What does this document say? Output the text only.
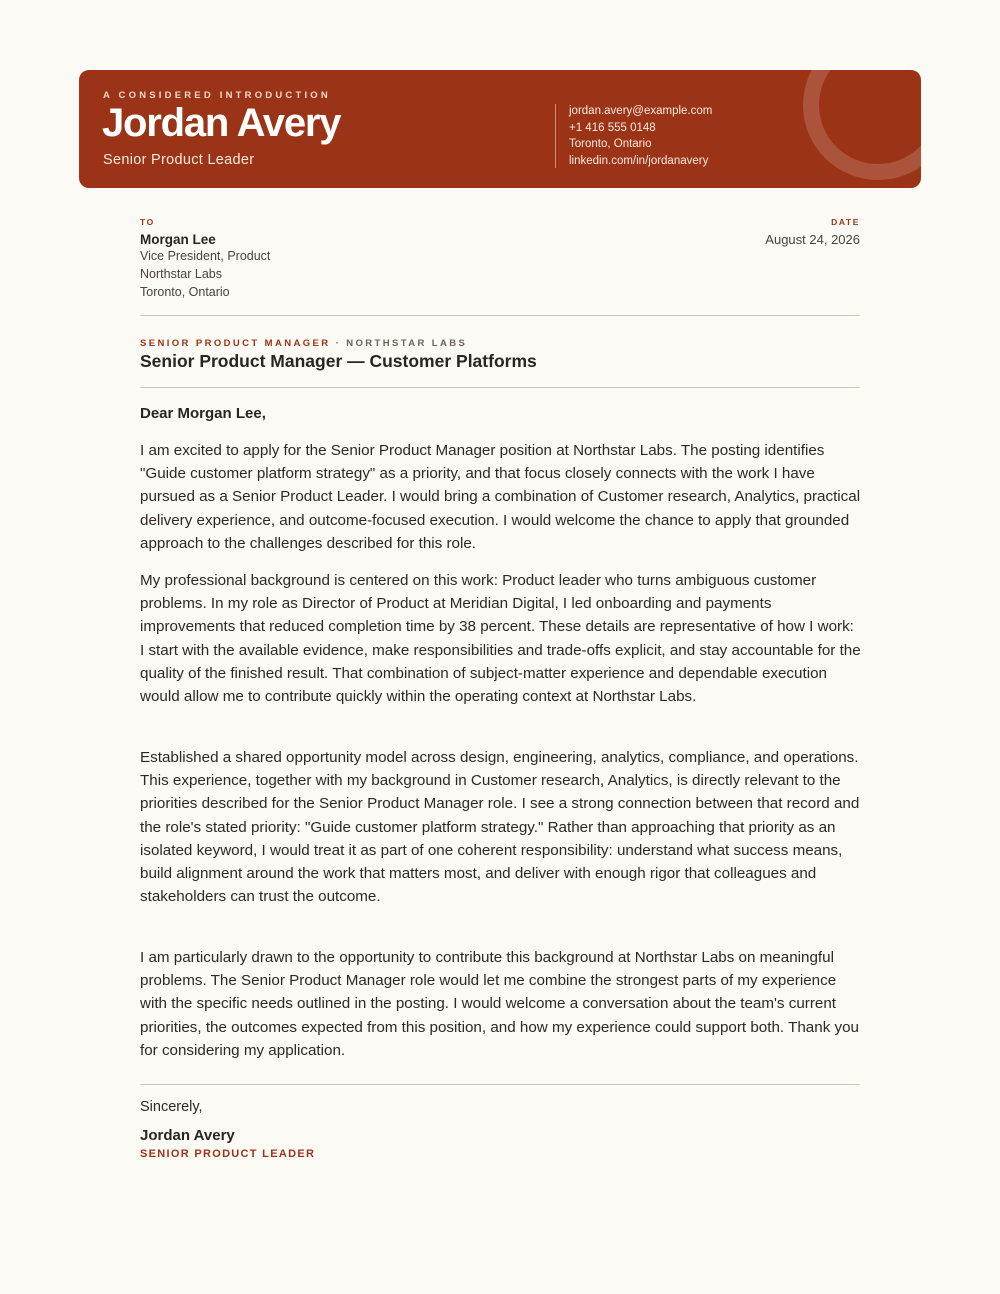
A CONSIDERED INTRODUCTION
Jordan Avery
Senior Product Leader
jordan.avery@example.com
+1 416 555 0148
Toronto, Ontario
linkedin.com/in/jordanavery
TO
Morgan Lee
Vice President, Product
Northstar Labs
Toronto, Ontario
DATE
August 24, 2026
SENIOR PRODUCT MANAGER · NORTHSTAR LABS
Senior Product Manager — Customer Platforms
Dear Morgan Lee,

I am excited to apply for the Senior Product Manager position at Northstar Labs. The posting identifies "Guide customer platform strategy" as a priority, and that focus closely connects with the work I have pursued as a Senior Product Leader. I would bring a combination of Customer research, Analytics, practical delivery experience, and outcome-focused execution. I would welcome the chance to apply that grounded approach to the challenges described for this role.

My professional background is centered on this work: Product leader who turns ambiguous customer problems. In my role as Director of Product at Meridian Digital, I led onboarding and payments improvements that reduced completion time by 38 percent. These details are representative of how I work: I start with the available evidence, make responsibilities and trade-offs explicit, and stay accountable for the quality of the finished result. That combination of subject-matter experience and dependable execution would allow me to contribute quickly within the operating context at Northstar Labs.

Established a shared opportunity model across design, engineering, analytics, compliance, and operations. This experience, together with my background in Customer research, Analytics, is directly relevant to the priorities described for the Senior Product Manager role. I see a strong connection between that record and the role's stated priority: "Guide customer platform strategy." Rather than approaching that priority as an isolated keyword, I would treat it as part of one coherent responsibility: understand what success means, build alignment around the work that matters most, and deliver with enough rigor that colleagues and stakeholders can trust the outcome.

I am particularly drawn to the opportunity to contribute this background at Northstar Labs on meaningful problems. The Senior Product Manager role would let me combine the strongest parts of my experience with the specific needs outlined in the posting. I would welcome a conversation about the team's current priorities, the outcomes expected from this position, and how my experience could support both. Thank you for considering my application.

Sincerely,
Jordan Avery
SENIOR PRODUCT LEADER
